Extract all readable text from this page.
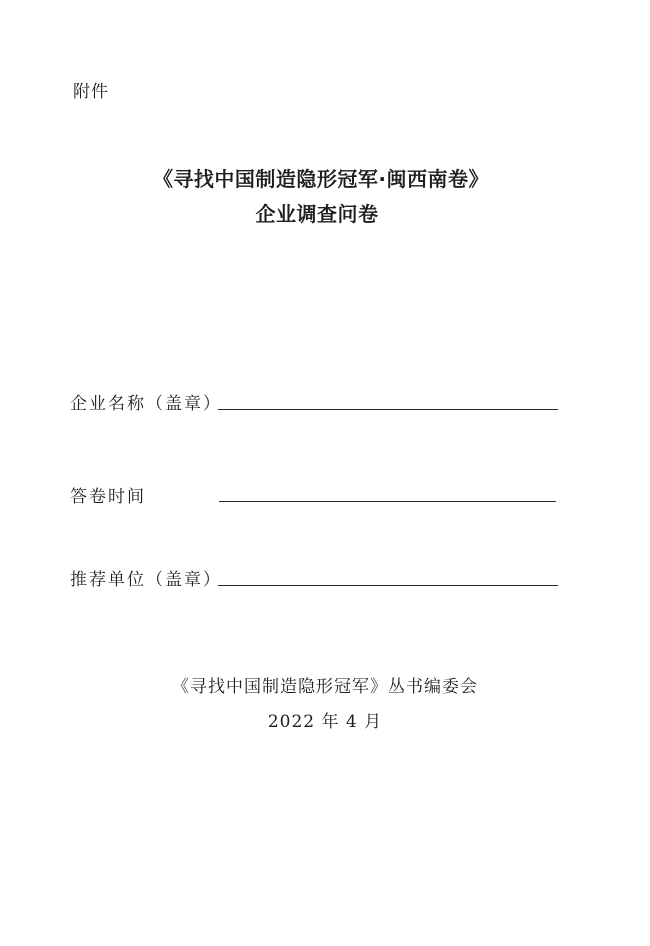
附件
《寻找中国制造隐形冠军·闽西南卷》
企业调查问卷
企业名称（盖章）
答卷时间
推荐单位（盖章）
《寻找中国制造隐形冠军》丛书编委会
2022 年 4 月
